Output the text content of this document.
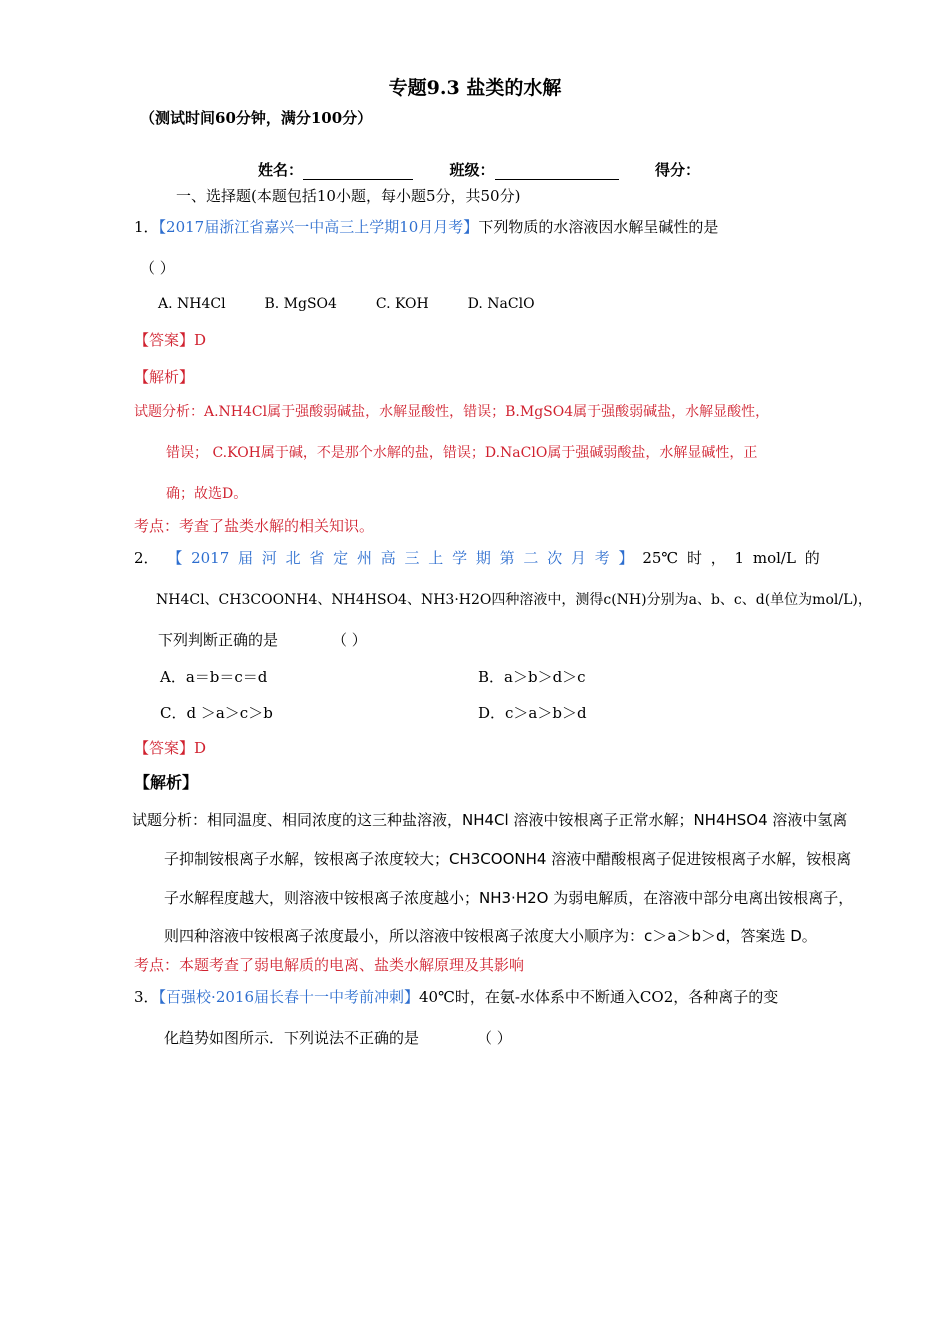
专题9.3 盐类的水解
（测试时间60分钟，满分100分）
姓名：	班级：	得分：
一、选择题(本题包括10小题，每小题5分，共50分)
1．【2017届浙江省嘉兴一中高三上学期10月月考】下列物质的水溶液因水解呈碱性的是
（ ）
A. NH4Cl	B. MgSO4	C. KOH	D. NaClO
【答案】D
【解析】
试题分析：A.NH4Cl属于强酸弱碱盐，水解显酸性，错误；B.MgSO4属于强酸弱碱盐，水解显酸性，
错误； C.KOH属于碱，不是那个水解的盐，错误；D.NaClO属于强碱弱酸盐，水解显碱性，正
确；故选D。
考点：考查了盐类水解的相关知识。
2． 【 2017 届 河 北 省 定 州 高 三 上 学 期 第 二 次 月 考 】 25℃ 时 ， 1 mol/L 的
NH4Cl、CH3COONH4、NH4HSO4、NH3·H2O四种溶液中，测得c(NH)分别为a、b、c、d(单位为mol/L)，
下列判断正确的是	（ ）
A．a＝b＝c＝d	B．a＞b＞d＞c
C．d ＞a＞c＞b	D．c＞a＞b＞d
【答案】D
【解析】
试题分析：相同温度、相同浓度的这三种盐溶液，NH4Cl 溶液中铵根离子正常水解；NH4HSO4 溶液中氢离
子抑制铵根离子水解，铵根离子浓度较大；CH3COONH4 溶液中醋酸根离子促进铵根离子水解，铵根离
子水解程度越大，则溶液中铵根离子浓度越小；NH3·H2O 为弱电解质，在溶液中部分电离出铵根离子，
则四种溶液中铵根离子浓度最小，所以溶液中铵根离子浓度大小顺序为：c＞a＞b＞d，答案选 D。
考点：本题考查了弱电解质的电离、盐类水解原理及其影响
3．【百强校·2016届长春十一中考前冲刺】40℃时，在氨-水体系中不断通入CO2，各种离子的变
化趋势如图所示．下列说法不正确的是	（ ）
